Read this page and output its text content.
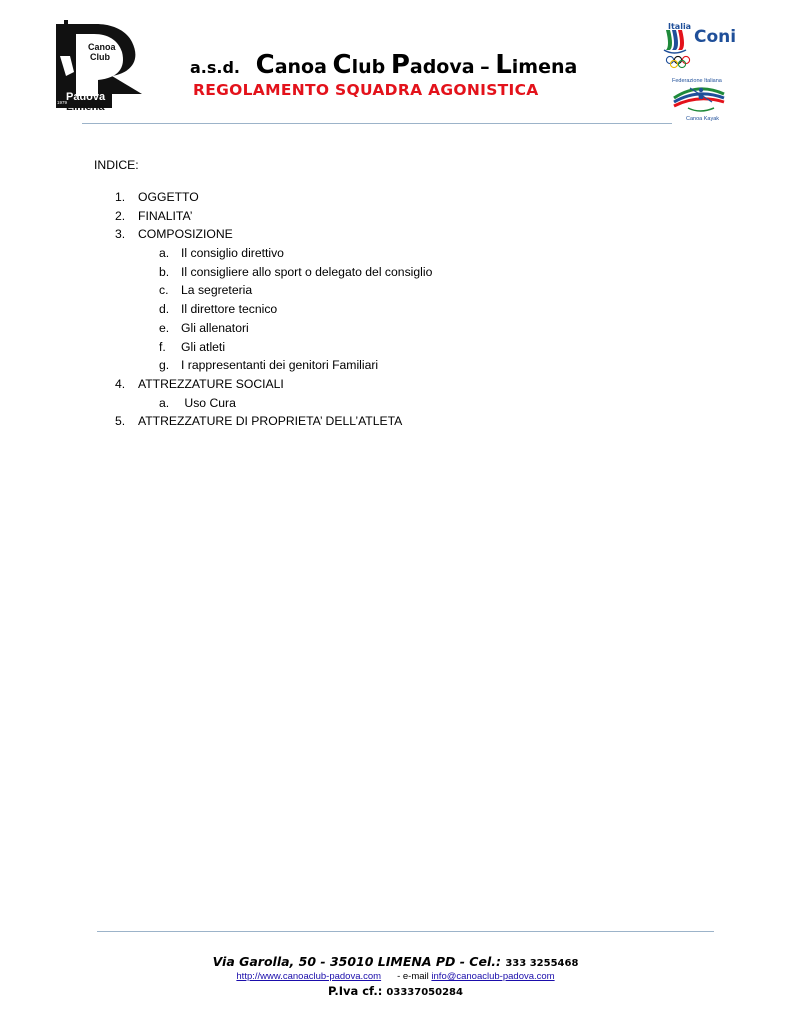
Canoa
Club
Padova
Limena
1979
a.s.d. Canoa Club Padova – Limena
REGOLAMENTO SQUADRA AGONISTICA
Italia
Coni
Federazione Italiana
Canoa Kayak
INDICE:
1.	OGGETTO
2.	FINALITA’
3.	COMPOSIZIONE
a. Il consiglio direttivo
b. Il consigliere allo sport o delegato del consiglio
c.	La segreteria
d. Il direttore tecnico
e. Gli allenatori
f.	Gli atleti
g. I rappresentanti dei genitori Familiari
4.	ATTREZZATURE SOCIALI
a. Uso Cura
5.	ATTREZZATURE DI PROPRIETA’ DELL’ATLETA
Via Garolla, 50 - 35010 LIMENA PD - Cel.: 333 3255468
http://www.canoaclub-padova.com - e-mail info@canoaclub-padova.com
P.Iva cf.: 03337050284
